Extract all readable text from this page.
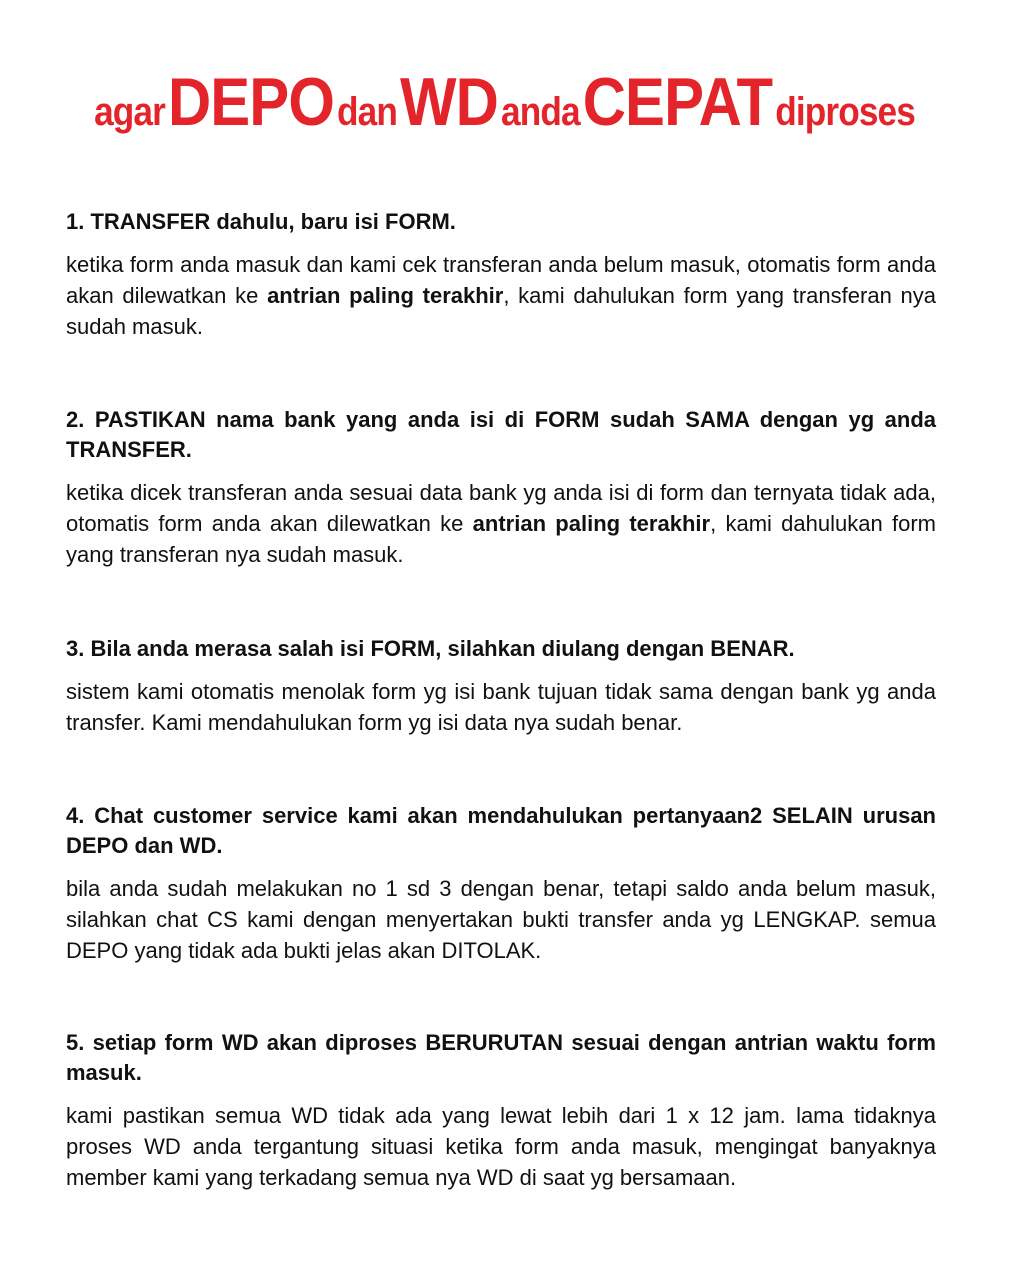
agar DEPO dan WD anda CEPAT diproses
1. TRANSFER dahulu, baru isi FORM.

ketika form anda masuk dan kami cek transferan anda belum masuk, otomatis form anda akan dilewatkan ke antrian paling terakhir, kami dahulukan form yang transferan nya sudah masuk.

2. PASTIKAN nama bank yang anda isi di FORM sudah SAMA dengan yg anda TRANSFER.

ketika dicek transferan anda sesuai data bank yg anda isi di form dan ternyata tidak ada, otomatis form anda akan dilewatkan ke antrian paling terakhir, kami dahulukan form yang transferan nya sudah masuk.

3. Bila anda merasa salah isi FORM, silahkan diulang dengan BENAR.

sistem kami otomatis menolak form yg isi bank tujuan tidak sama dengan bank yg anda transfer. Kami mendahulukan form yg isi data nya sudah benar.

4. Chat customer service kami akan mendahulukan pertanyaan2 SELAIN urusan DEPO dan WD.

bila anda sudah melakukan no 1 sd 3 dengan benar, tetapi saldo anda belum masuk, silahkan chat CS kami dengan menyertakan bukti transfer anda yg LENGKAP. semua DEPO yang tidak ada bukti jelas akan DITOLAK.

5. setiap form WD akan diproses BERURUTAN sesuai dengan antrian waktu form masuk.

kami pastikan semua WD tidak ada yang lewat lebih dari 1 x 12 jam. lama tidaknya proses WD anda tergantung situasi ketika form anda masuk, mengingat banyaknya member kami yang terkadang semua nya WD di saat yg bersamaan.
